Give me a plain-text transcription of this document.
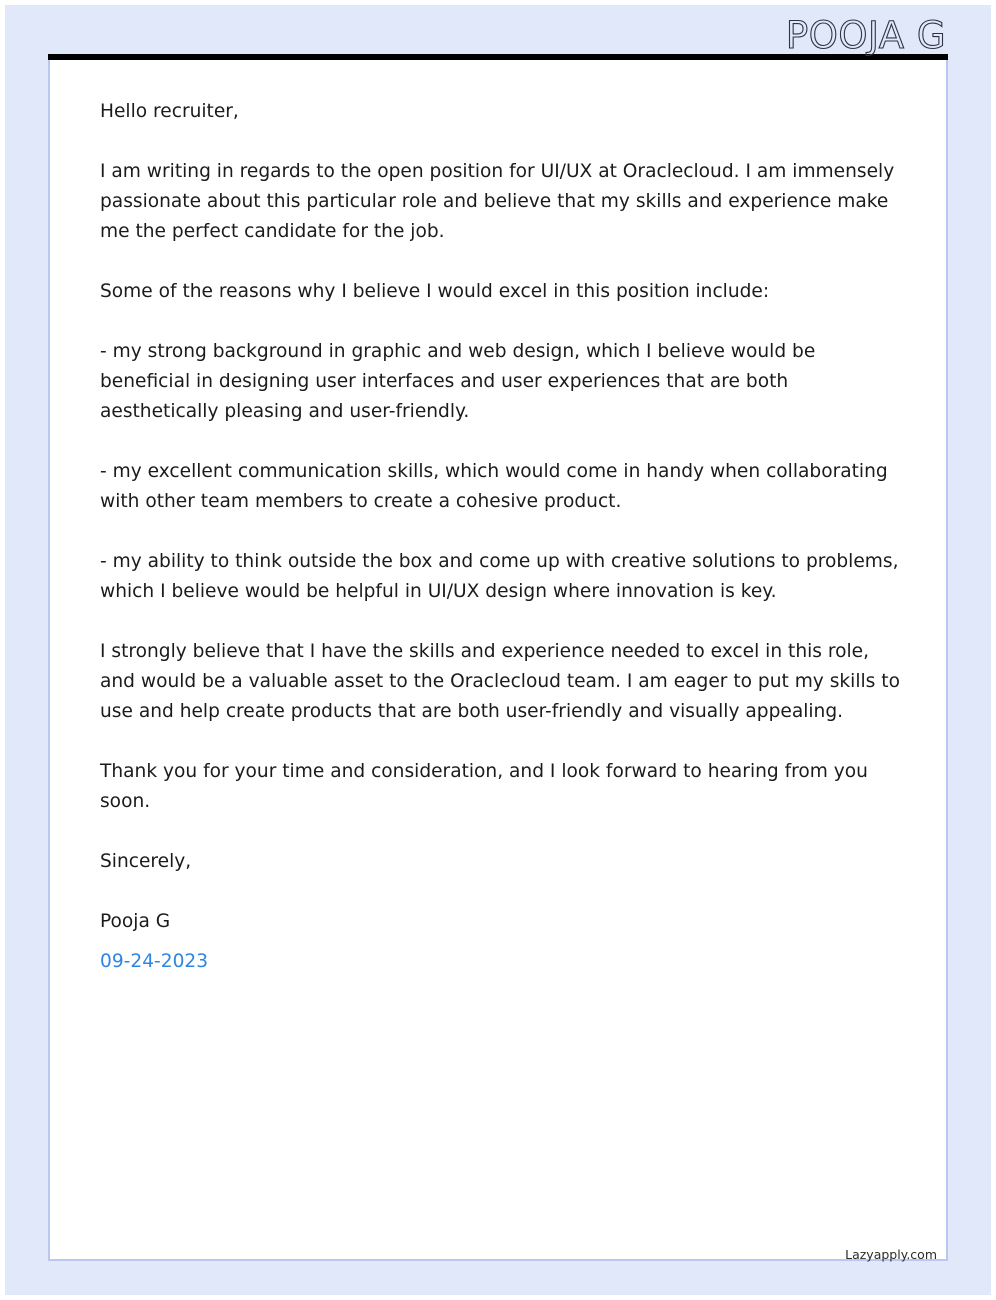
POOJA G

Hello recruiter,

I am writing in regards to the open position for UI/UX at Oraclecloud. I am immensely passionate about this particular role and believe that my skills and experience make me the perfect candidate for the job.

Some of the reasons why I believe I would excel in this position include:

- my strong background in graphic and web design, which I believe would be beneficial in designing user interfaces and user experiences that are both aesthetically pleasing and user-friendly.

- my excellent communication skills, which would come in handy when collaborating with other team members to create a cohesive product.

- my ability to think outside the box and come up with creative solutions to problems, which I believe would be helpful in UI/UX design where innovation is key.

I strongly believe that I have the skills and experience needed to excel in this role, and would be a valuable asset to the Oraclecloud team. I am eager to put my skills to use and help create products that are both user-friendly and visually appealing.

Thank you for your time and consideration, and I look forward to hearing from you soon.

Sincerely,

Pooja G

09-24-2023

Lazyapply.com
